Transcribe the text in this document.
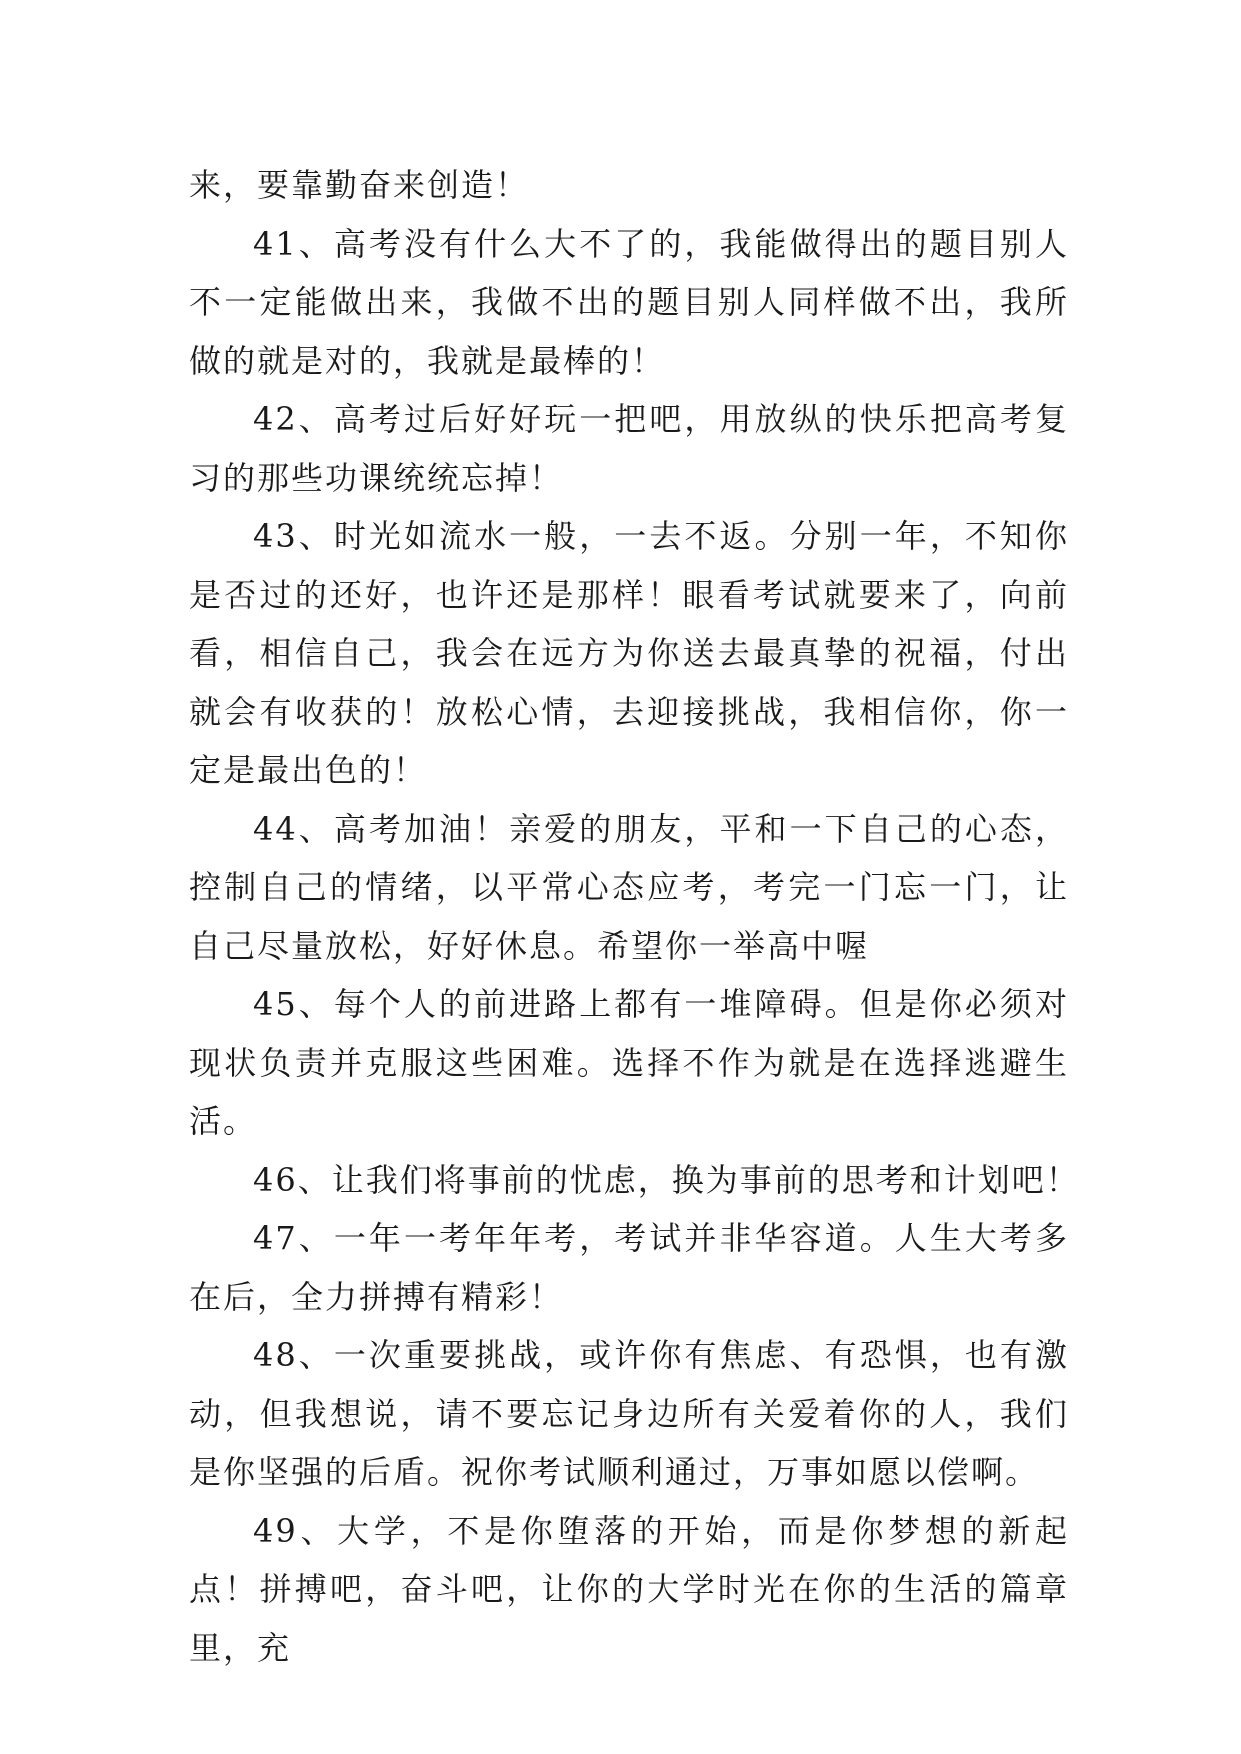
来，要靠勤奋来创造！

41、高考没有什么大不了的，我能做得出的题目别人不一定能做出来，我做不出的题目别人同样做不出，我所做的就是对的，我就是最棒的！

42、高考过后好好玩一把吧，用放纵的快乐把高考复习的那些功课统统忘掉！

43、时光如流水一般，一去不返。分别一年，不知你是否过的还好，也许还是那样！眼看考试就要来了，向前看，相信自己，我会在远方为你送去最真挚的祝福，付出就会有收获的！放松心情，去迎接挑战，我相信你，你一定是最出色的！

44、高考加油！亲爱的朋友，平和一下自己的心态，控制自己的情绪，以平常心态应考，考完一门忘一门，让自己尽量放松，好好休息。希望你一举高中喔

45、每个人的前进路上都有一堆障碍。但是你必须对现状负责并克服这些困难。选择不作为就是在选择逃避生活。

46、让我们将事前的忧虑，换为事前的思考和计划吧！

47、一年一考年年考，考试并非华容道。人生大考多在后，全力拼搏有精彩！

48、一次重要挑战，或许你有焦虑、有恐惧，也有激动，但我想说，请不要忘记身边所有关爱着你的人，我们是你坚强的后盾。祝你考试顺利通过，万事如愿以偿啊。

49、大学，不是你堕落的开始，而是你梦想的新起点！拼搏吧，奋斗吧，让你的大学时光在你的生活的篇章里，充
